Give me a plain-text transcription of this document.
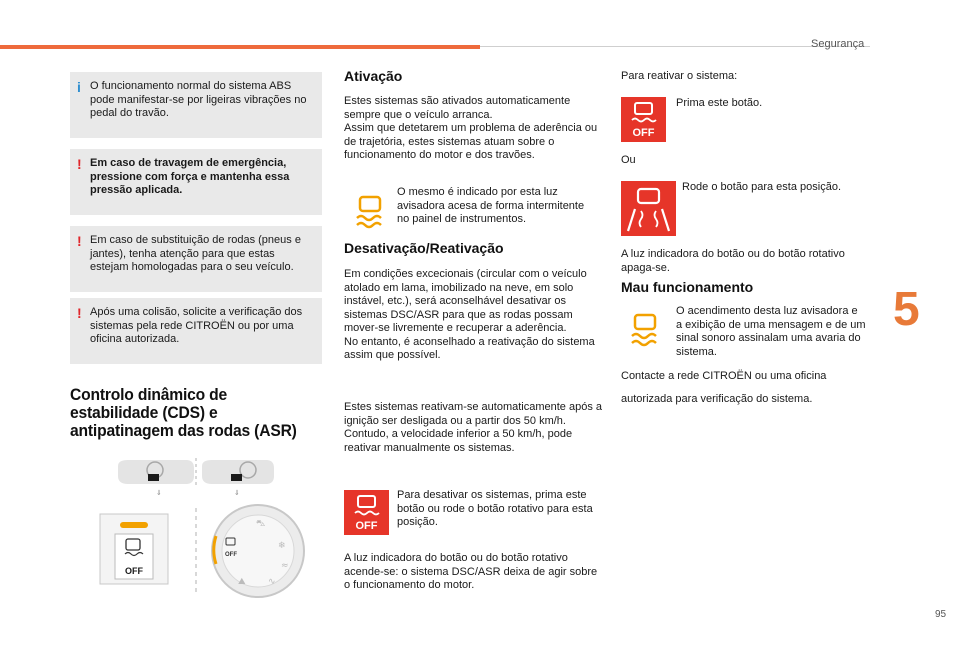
Segurança
5
95
i O funcionamento normal do sistema ABS pode manifestar-se por ligeiras vibrações no pedal do travão.
! Em caso de travagem de emergência, pressione com força e mantenha essa pressão aplicada.
! Em caso de substituição de rodas (pneus e jantes), tenha atenção para que estas estejam homologadas para o seu veículo.
! Após uma colisão, solicite a verificação dos sistemas pela rede CITROËN ou por uma oficina autorizada.
Controlo dinâmico de estabilidade (CDS) e antipatinagem das rodas (ASR)
⇓	⇓
OFF
OFF
⛍
❄
≈
⛰ ∿
Ativação
Estes sistemas são ativados automaticamente sempre que o veículo arranca.
Assim que detetarem um problema de aderência ou de trajetória, estes sistemas atuam sobre o funcionamento do motor e dos travões.
O mesmo é indicado por esta luz avisadora acesa de forma intermitente no painel de instrumentos.
Desativação/Reativação
Em condições excecionais (circular com o veículo atolado em lama, imobilizado na neve, em solo instável, etc.), será aconselhável desativar os sistemas DSC/ASR para que as rodas possam mover-se livremente e recuperar a aderência.
No entanto, é aconselhado a reativação do sistema assim que possível.
Estes sistemas reativam-se automaticamente após a ignição ser desligada ou a partir dos 50 km/h.
Contudo, a velocidade inferior a 50 km/h, pode reativar manualmente os sistemas.
OFF
Para desativar os sistemas, prima este botão ou rode o botão rotativo para esta posição.
A luz indicadora do botão ou do botão rotativo acende-se: o sistema DSC/ASR deixa de agir sobre o funcionamento do motor.
Para reativar o sistema:
OFF
Prima este botão.
Ou
Rode o botão para esta posição.
A luz indicadora do botão ou do botão rotativo apaga-se.
Mau funcionamento
O acendimento desta luz avisadora e a exibição de uma mensagem e de um sinal sonoro assinalam uma avaria do sistema.
Contacte a rede CITROËN ou uma oficina
autorizada para verificação do sistema.
